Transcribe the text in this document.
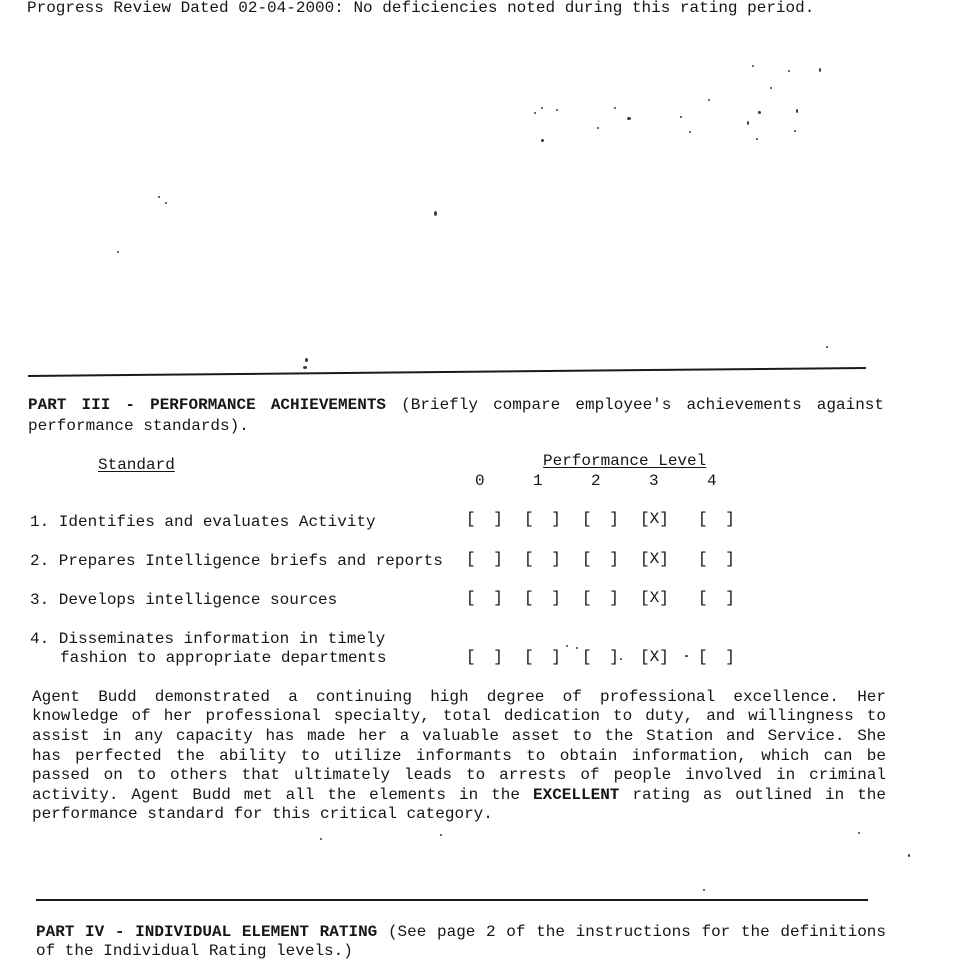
Progress Review Dated 02-04-2000: No deficiencies noted during this rating period.
PART III - PERFORMANCE ACHIEVEMENTS (Briefly compare employee's achievements against
performance standards).
Standard	Performance Level
0	1	2	3	4
1. Identifies and evaluates Activity	[ ] [ ] [ ] [X] [ ]
2. Prepares Intelligence briefs and reports [ ] [ ] [ ] [X] [ ]
3. Develops intelligence sources	[ ] [ ] [ ] [X] [ ]
4. Disseminates information in timely
fashion to appropriate departments	[ ] [ ] [ ] [X] [ ]
Agent Budd demonstrated a continuing high degree of professional excellence. Her
knowledge of her professional specialty, total dedication to duty, and willingness to
assist in any capacity has made her a valuable asset to the Station and Service. She
has perfected the ability to utilize informants to obtain information, which can be
passed on to others that ultimately leads to arrests of people involved in criminal
activity. Agent Budd met all the elements in the EXCELLENT rating as outlined in the
performance standard for this critical category.
PART IV - INDIVIDUAL ELEMENT RATING (See page 2 of the instructions for the definitions
of the Individual Rating levels.)
